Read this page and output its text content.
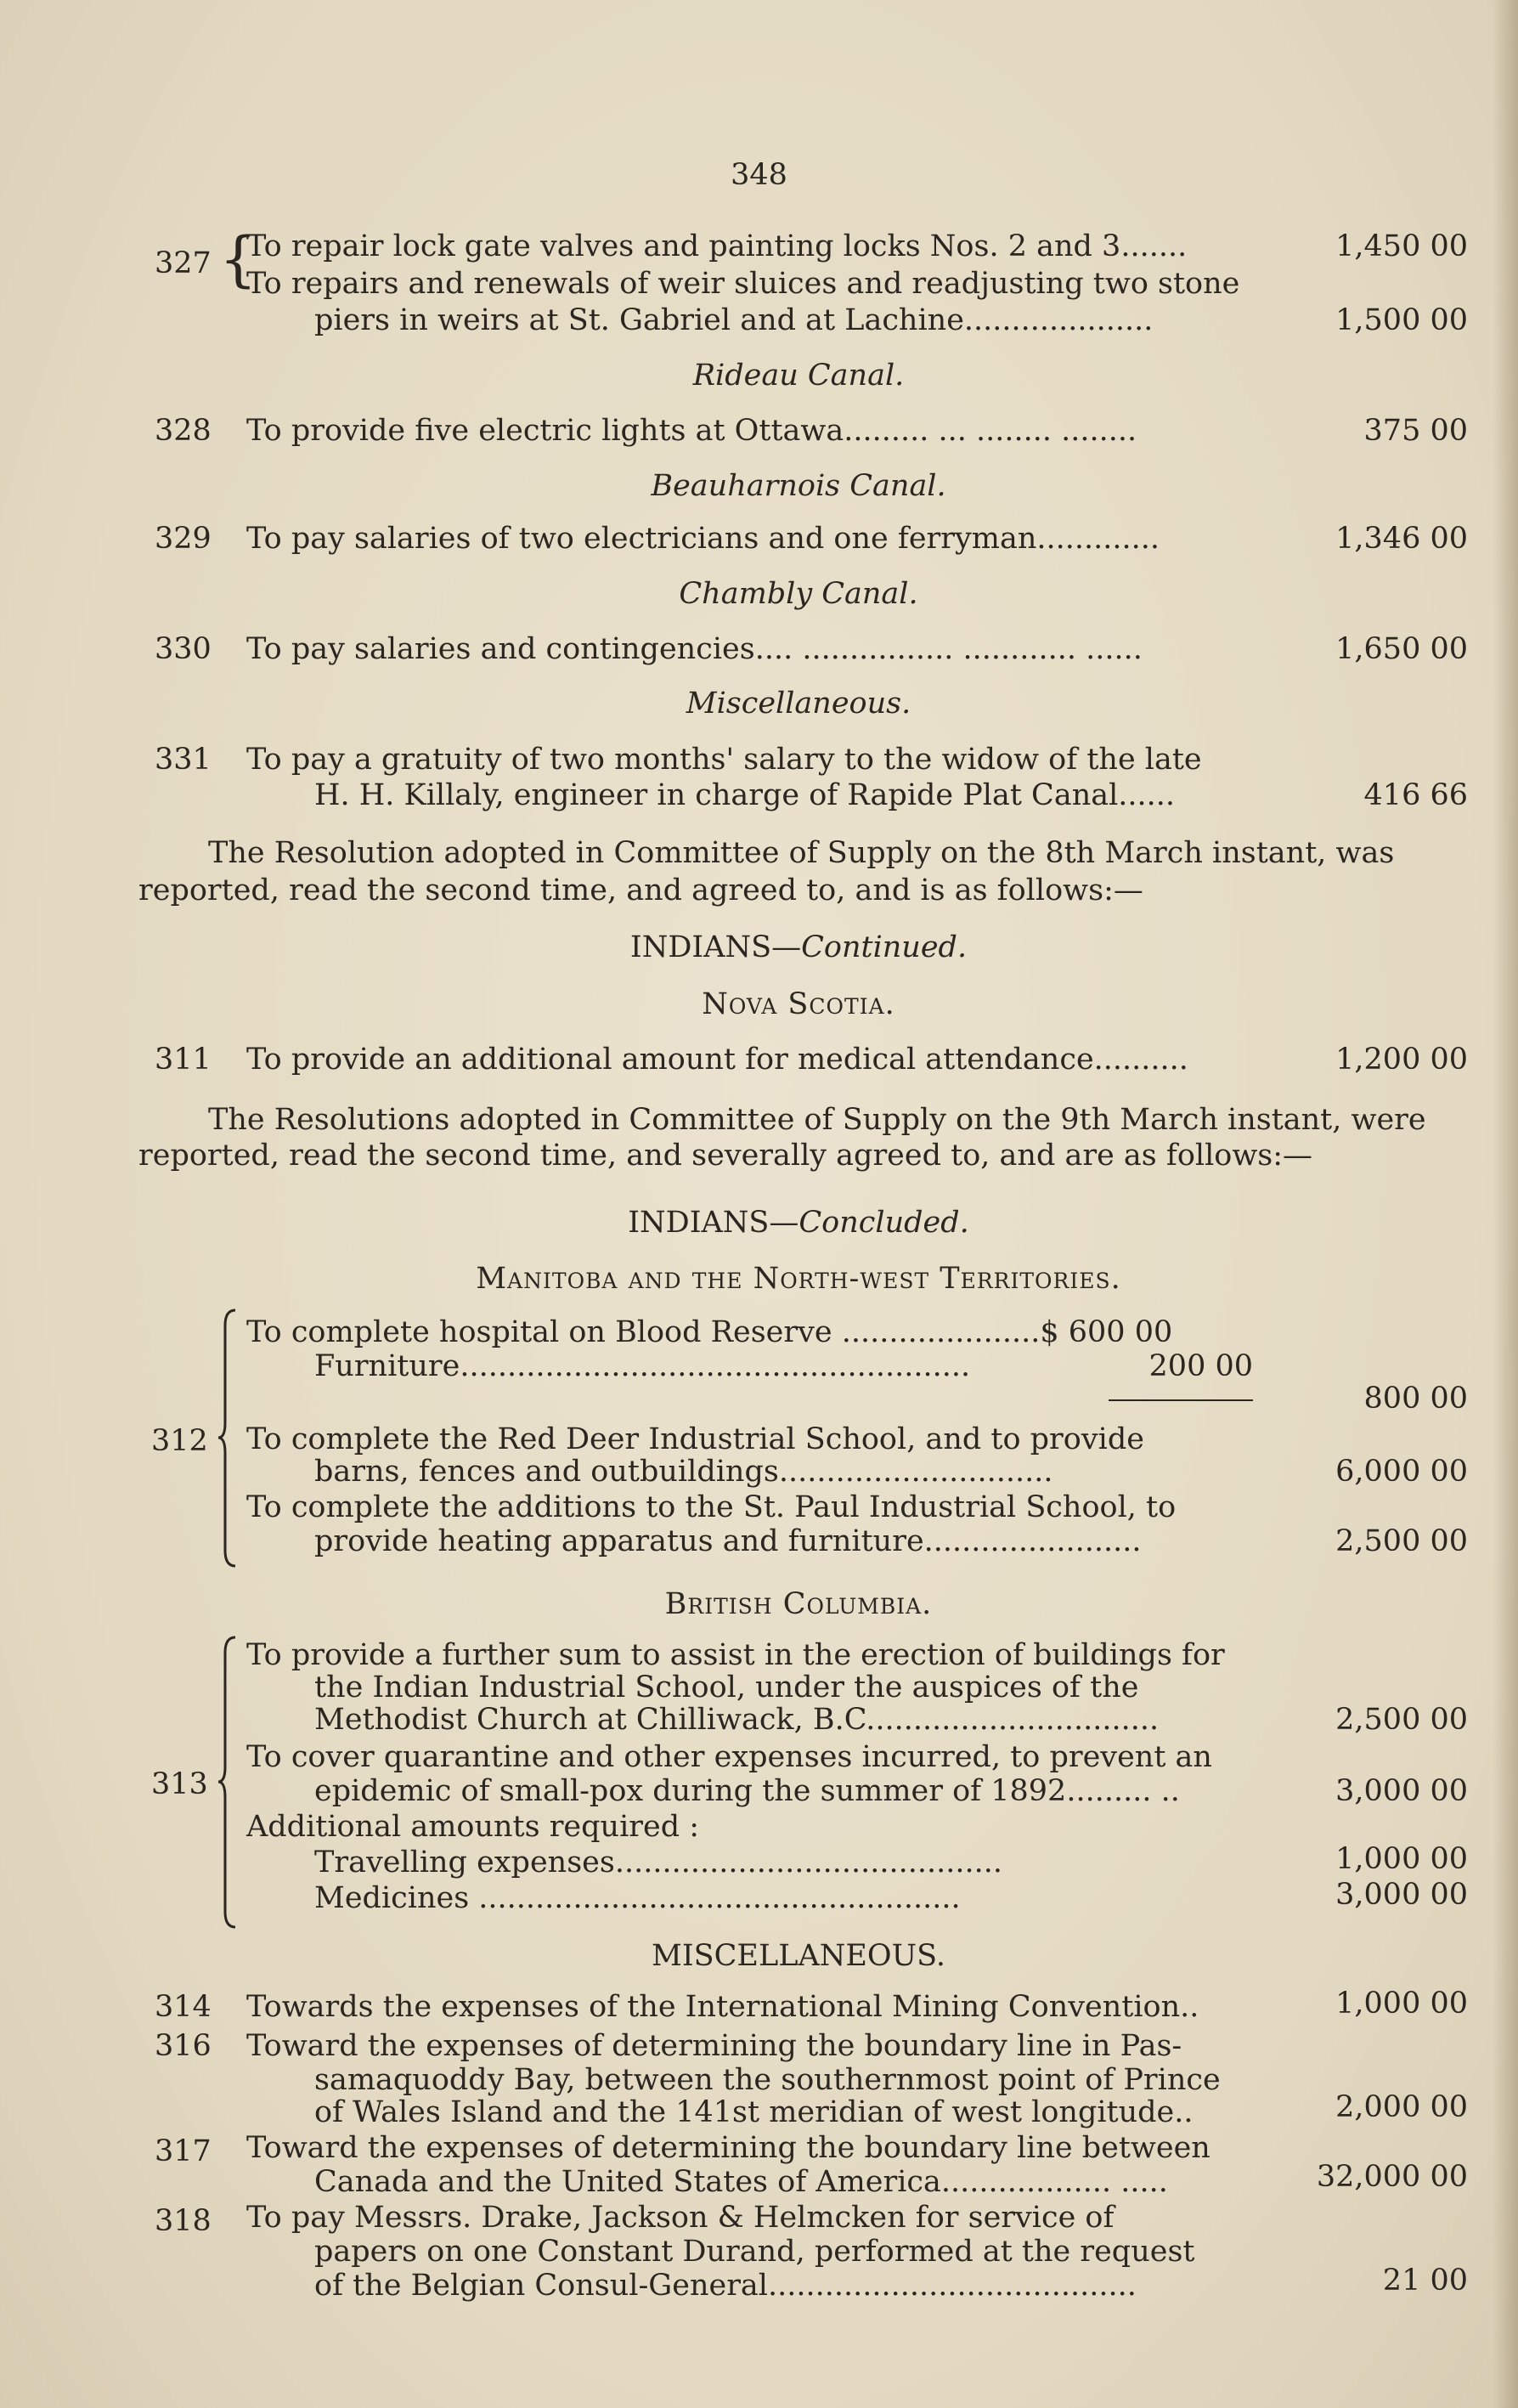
348
327 {
To repair lock gate valves and painting locks Nos. 2 and 3.......	1,450 00
To repairs and renewals of weir sluices and readjusting two stone
piers in weirs at St. Gabriel and at Lachine....................	1,500 00
Rideau Canal.
328	To provide five electric lights at Ottawa......... ... ........ ........	375 00
Beauharnois Canal.
329	To pay salaries of two electricians and one ferryman.............	1,346 00
Chambly Canal.
330	To pay salaries and contingencies.... ................ ............ ......	1,650 00
Miscellaneous.
331	To pay a gratuity of two months' salary to the widow of the late
H. H. Killaly, engineer in charge of Rapide Plat Canal......	416 66
The Resolution adopted in Committee of Supply on the 8th March instant, was
reported, read the second time, and agreed to, and is as follows:—
INDIANS—Continued.
Nova Scotia.
311	To provide an additional amount for medical attendance..........	1,200 00
The Resolutions adopted in Committee of Supply on the 9th March instant, were
reported, read the second time, and severally agreed to, and are as follows:—
INDIANS—Concluded.
Manitoba and the North-west Territories.
312
To complete hospital on Blood Reserve .....................$ 600 00
Furniture......................................................	200 00
800 00
To complete the Red Deer Industrial School, and to provide
barns, fences and outbuildings.............................	6,000 00
To complete the additions to the St. Paul Industrial School, to
provide heating apparatus and furniture.......................	2,500 00
British Columbia.
313
To provide a further sum to assist in the erection of buildings for
the Indian Industrial School, under the auspices of the
Methodist Church at Chilliwack, B.C...............................	2,500 00
To cover quarantine and other expenses incurred, to prevent an
epidemic of small-pox during the summer of 1892......... ..	3,000 00
Additional amounts required :
Travelling expenses.........................................	1,000 00
Medicines ...................................................	3,000 00
MISCELLANEOUS.
314	Towards the expenses of the International Mining Convention..	1,000 00
316	Toward the expenses of determining the boundary line in Pas-
samaquoddy Bay, between the southernmost point of Prince
of Wales Island and the 141st meridian of west longitude..	2,000 00
317	Toward the expenses of determining the boundary line between
Canada and the United States of America.................. .....	32,000 00
318	To pay Messrs. Drake, Jackson & Helmcken for service of
papers on one Constant Durand, performed at the request
of the Belgian Consul-General.......................................	21 00
